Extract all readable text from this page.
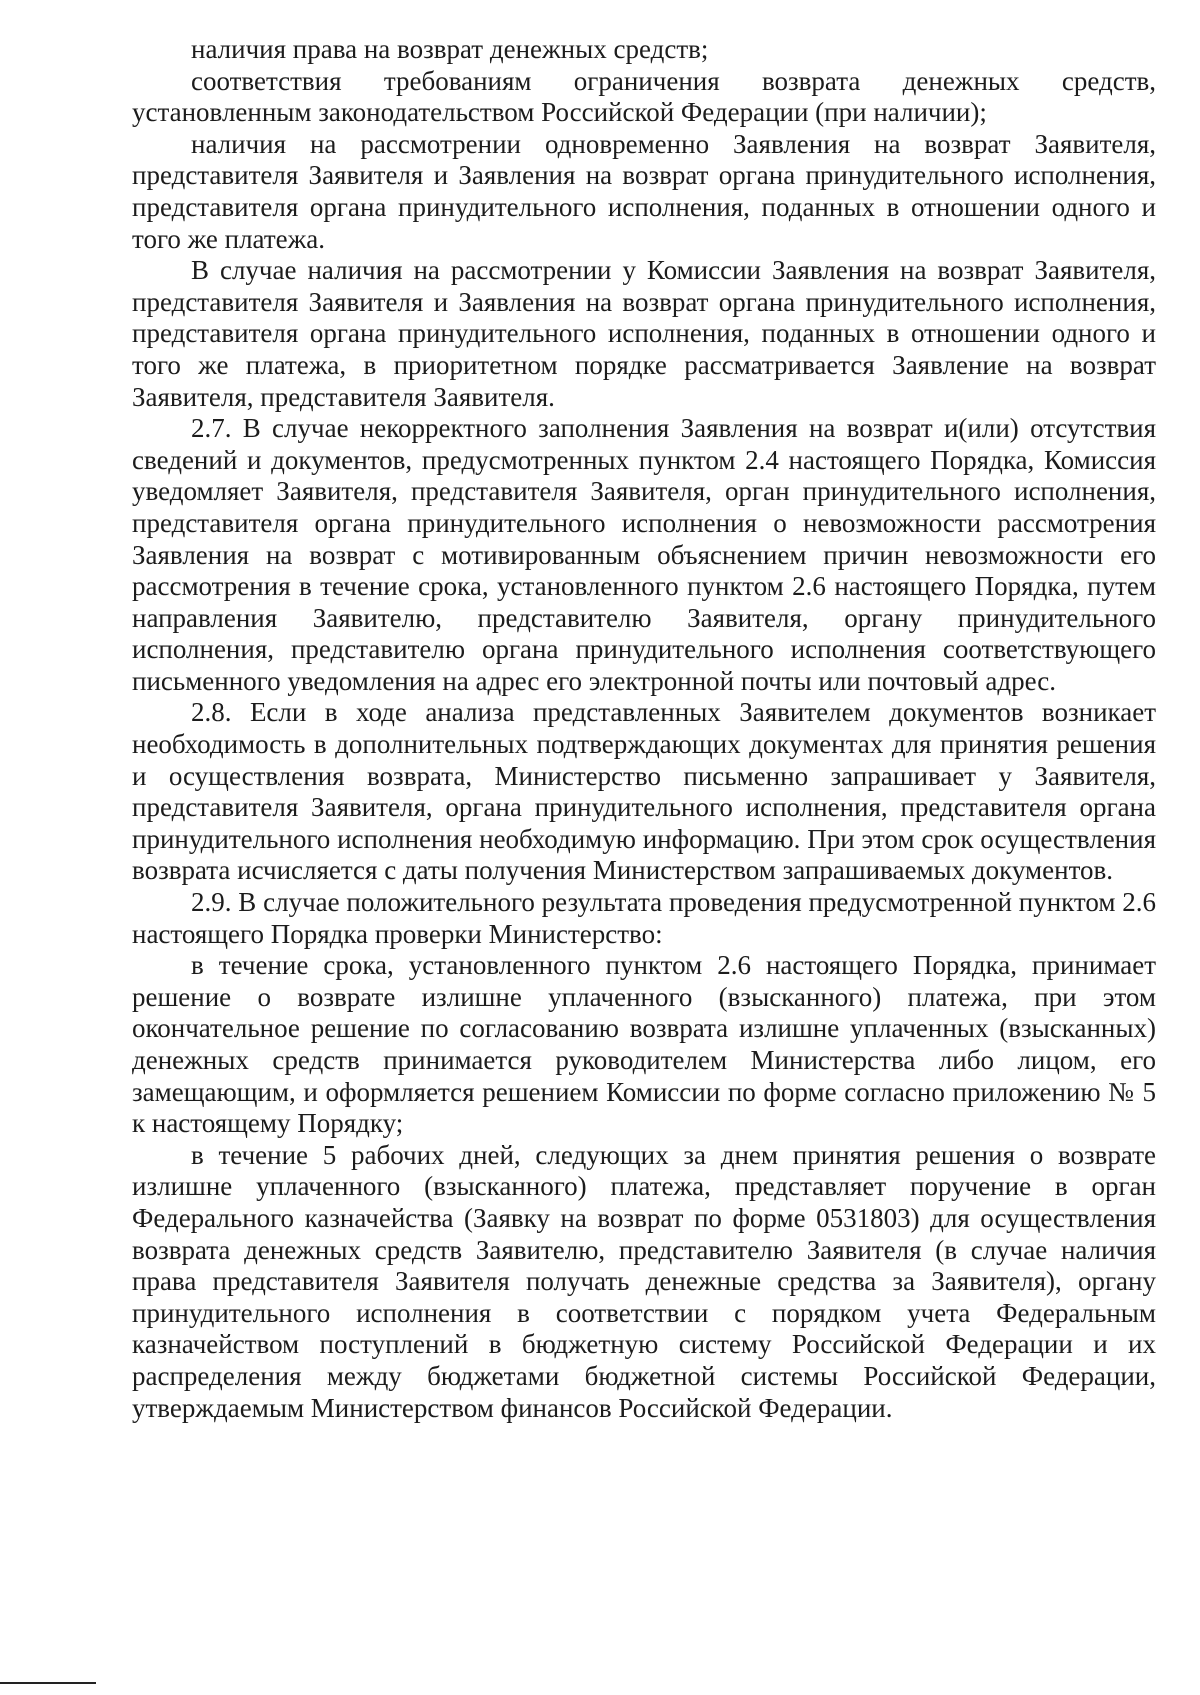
наличия права на возврат денежных средств;

соответствия требованиям ограничения возврата денежных средств, установленным законодательством Российской Федерации (при наличии);

наличия на рассмотрении одновременно Заявления на возврат Заявителя, представителя Заявителя и Заявления на возврат органа принудительного исполнения, представителя органа принудительного исполнения, поданных в отношении одного и того же платежа.

В случае наличия на рассмотрении у Комиссии Заявления на возврат Заявителя, представителя Заявителя и Заявления на возврат органа принудительного исполнения, представителя органа принудительного исполнения, поданных в отношении одного и того же платежа, в приоритетном порядке рассматривается Заявление на возврат Заявителя, представителя Заявителя.

2.7. В случае некорректного заполнения Заявления на возврат и(или) отсутствия сведений и документов, предусмотренных пунктом 2.4 настоящего Порядка, Комиссия уведомляет Заявителя, представителя Заявителя, орган принудительного исполнения, представителя органа принудительного исполнения о невозможности рассмотрения Заявления на возврат с мотивированным объяснением причин невозможности его рассмотрения в течение срока, установленного пунктом 2.6 настоящего Порядка, путем направления Заявителю, представителю Заявителя, органу принудительного исполнения, представителю органа принудительного исполнения соответствующего письменного уведомления на адрес его электронной почты или почтовый адрес.

2.8. Если в ходе анализа представленных Заявителем документов возникает необходимость в дополнительных подтверждающих документах для принятия решения и осуществления возврата, Министерство письменно запрашивает у Заявителя, представителя Заявителя, органа принудительного исполнения, представителя органа принудительного исполнения необходимую информацию. При этом срок осуществления возврата исчисляется с даты получения Министерством запрашиваемых документов.

2.9. В случае положительного результата проведения предусмотренной пунктом 2.6 настоящего Порядка проверки Министерство:

в течение срока, установленного пунктом 2.6 настоящего Порядка, принимает решение о возврате излишне уплаченного (взысканного) платежа, при этом окончательное решение по согласованию возврата излишне уплаченных (взысканных) денежных средств принимается руководителем Министерства либо лицом, его замещающим, и оформляется решением Комиссии по форме согласно приложению № 5 к настоящему Порядку;

в течение 5 рабочих дней, следующих за днем принятия решения о возврате излишне уплаченного (взысканного) платежа, представляет поручение в орган Федерального казначейства (Заявку на возврат по форме 0531803) для осуществления возврата денежных средств Заявителю, представителю Заявителя (в случае наличия права представителя Заявителя получать денежные средства за Заявителя), органу принудительного исполнения в соответствии с порядком учета Федеральным казначейством поступлений в бюджетную систему Российской Федерации и их распределения между бюджетами бюджетной системы Российской Федерации, утверждаемым Министерством финансов Российской Федерации.
